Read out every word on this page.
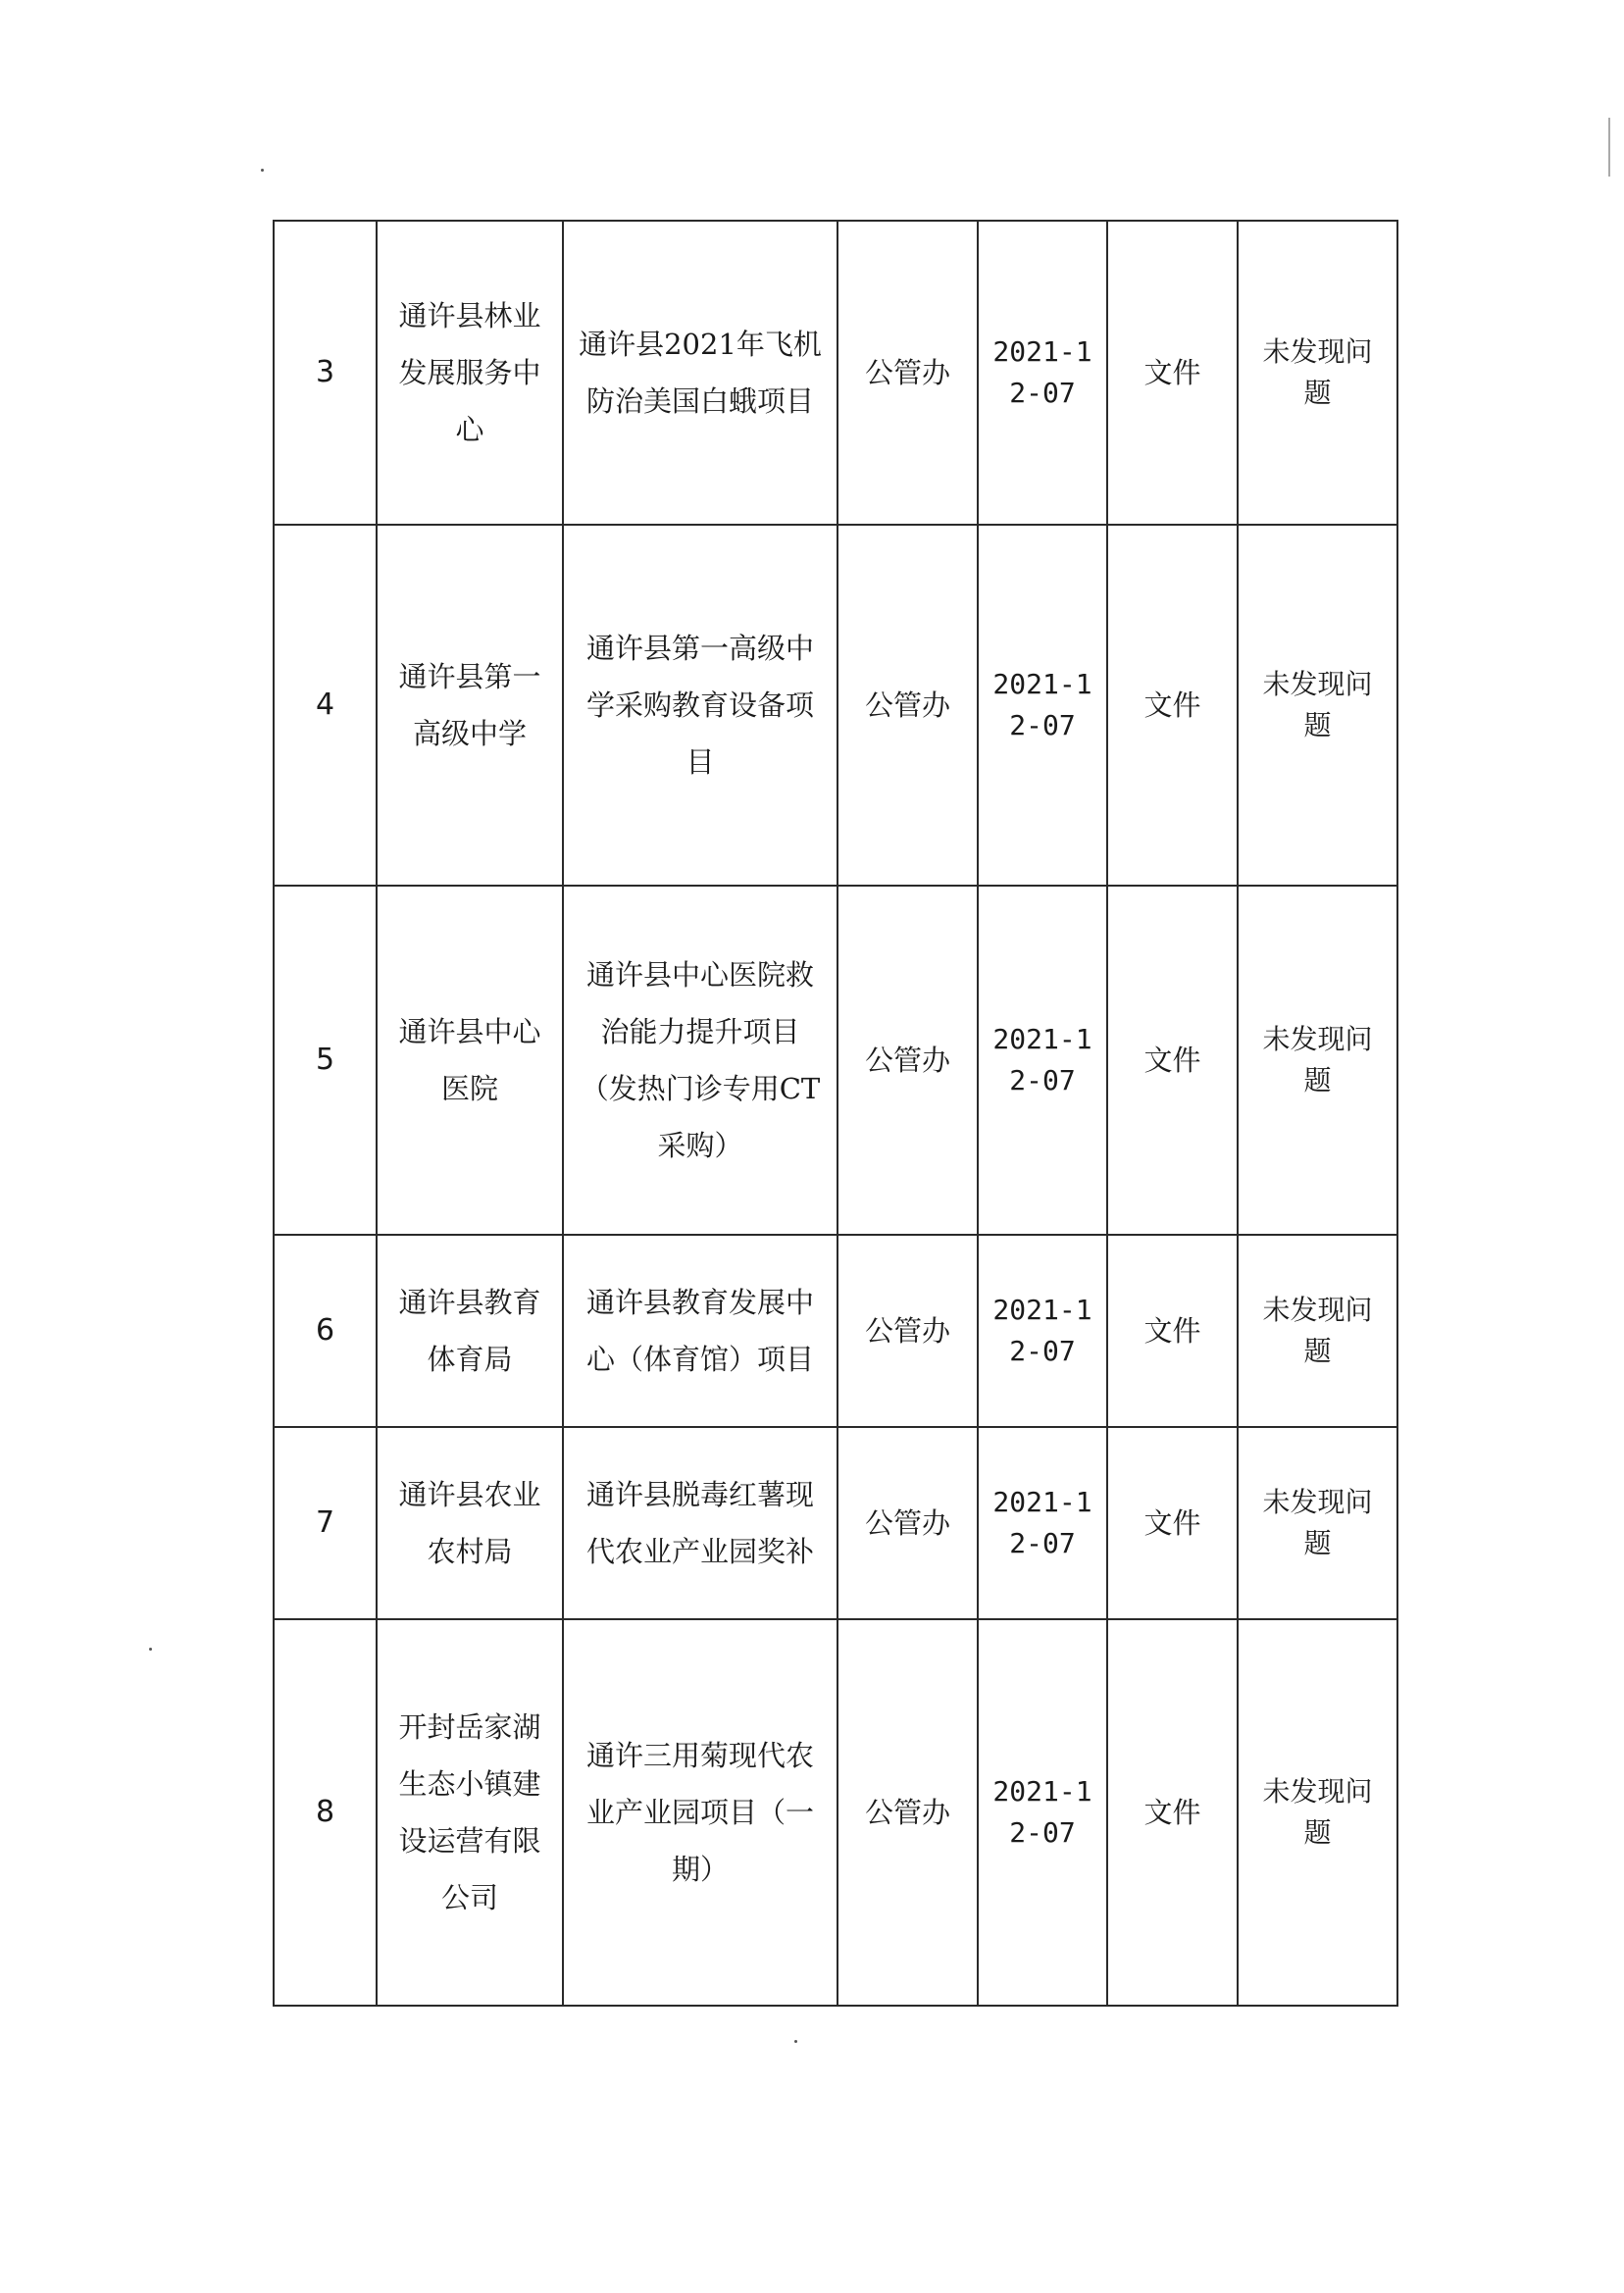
3	通许县林业发展服务中心	通许县2021年飞机防治美国白蛾项目	公管办	2021-12-07	文件	未发现问题
4	通许县第一高级中学	通许县第一高级中学采购教育设备项目	公管办	2021-12-07	文件	未发现问题
5	通许县中心医院	通许县中心医院救治能力提升项目（发热门诊专用CT采购）	公管办	2021-12-07	文件	未发现问题
6	通许县教育体育局	通许县教育发展中心（体育馆）项目	公管办	2021-12-07	文件	未发现问题
7	通许县农业农村局	通许县脱毒红薯现代农业产业园奖补	公管办	2021-12-07	文件	未发现问题
8	开封岳家湖生态小镇建设运营有限公司	通许三用菊现代农业产业园项目（一期）	公管办	2021-12-07	文件	未发现问题
